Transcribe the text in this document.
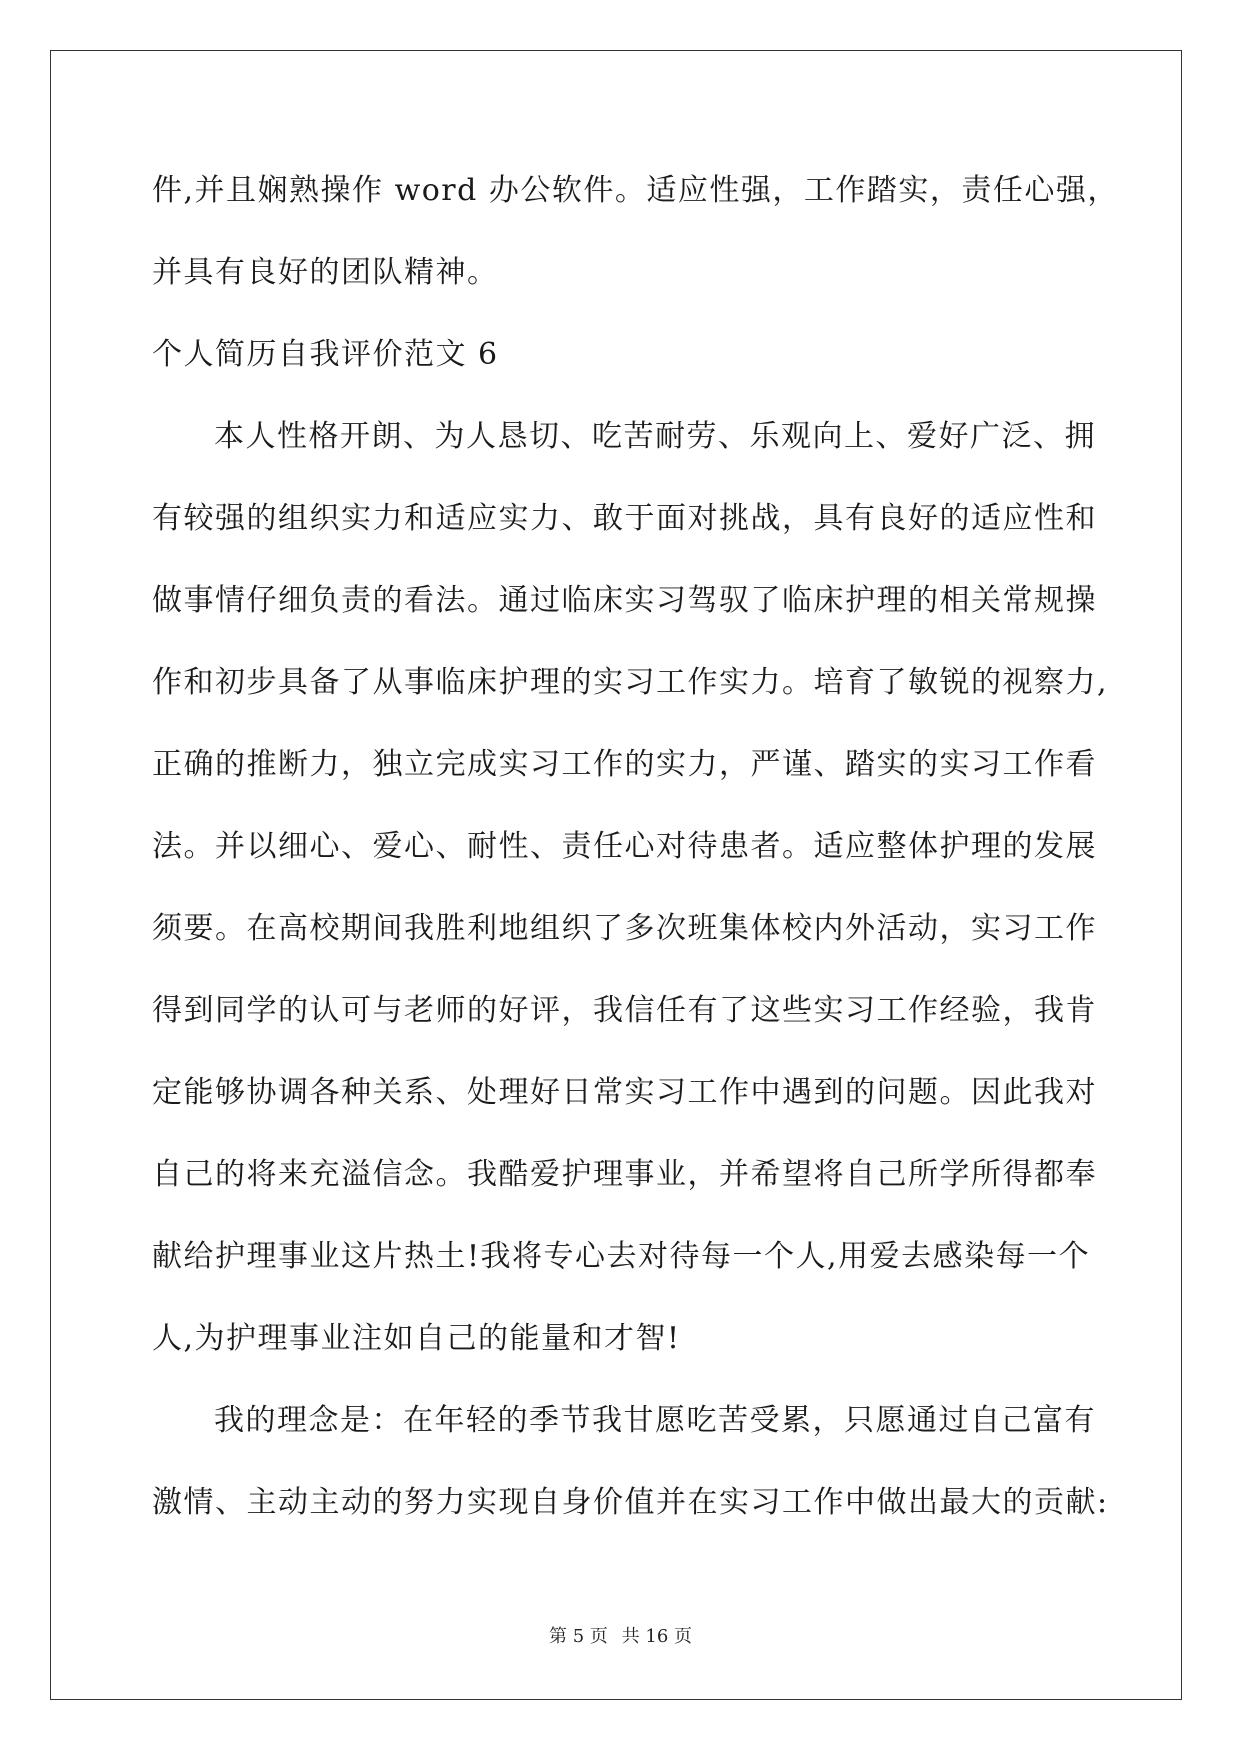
件,并且娴熟操作 word 办公软件。适应性强，工作踏实，责任心强，
并具有良好的团队精神。
个人简历自我评价范文 6
本人性格开朗、为人恳切、吃苦耐劳、乐观向上、爱好广泛、拥
有较强的组织实力和适应实力、敢于面对挑战，具有良好的适应性和
做事情仔细负责的看法。通过临床实习驾驭了临床护理的相关常规操
作和初步具备了从事临床护理的实习工作实力。培育了敏锐的视察力,
正确的推断力，独立完成实习工作的实力，严谨、踏实的实习工作看
法。并以细心、爱心、耐性、责任心对待患者。适应整体护理的发展
须要。在高校期间我胜利地组织了多次班集体校内外活动，实习工作
得到同学的认可与老师的好评，我信任有了这些实习工作经验，我肯
定能够协调各种关系、处理好日常实习工作中遇到的问题。因此我对
自己的将来充溢信念。我酷爱护理事业，并希望将自己所学所得都奉
献给护理事业这片热土!我将专心去对待每一个人,用爱去感染每一个
人,为护理事业注如自己的能量和才智!
我的理念是：在年轻的季节我甘愿吃苦受累，只愿通过自己富有
激情、主动主动的努力实现自身价值并在实习工作中做出最大的贡献:
第 5 页 共 16 页
